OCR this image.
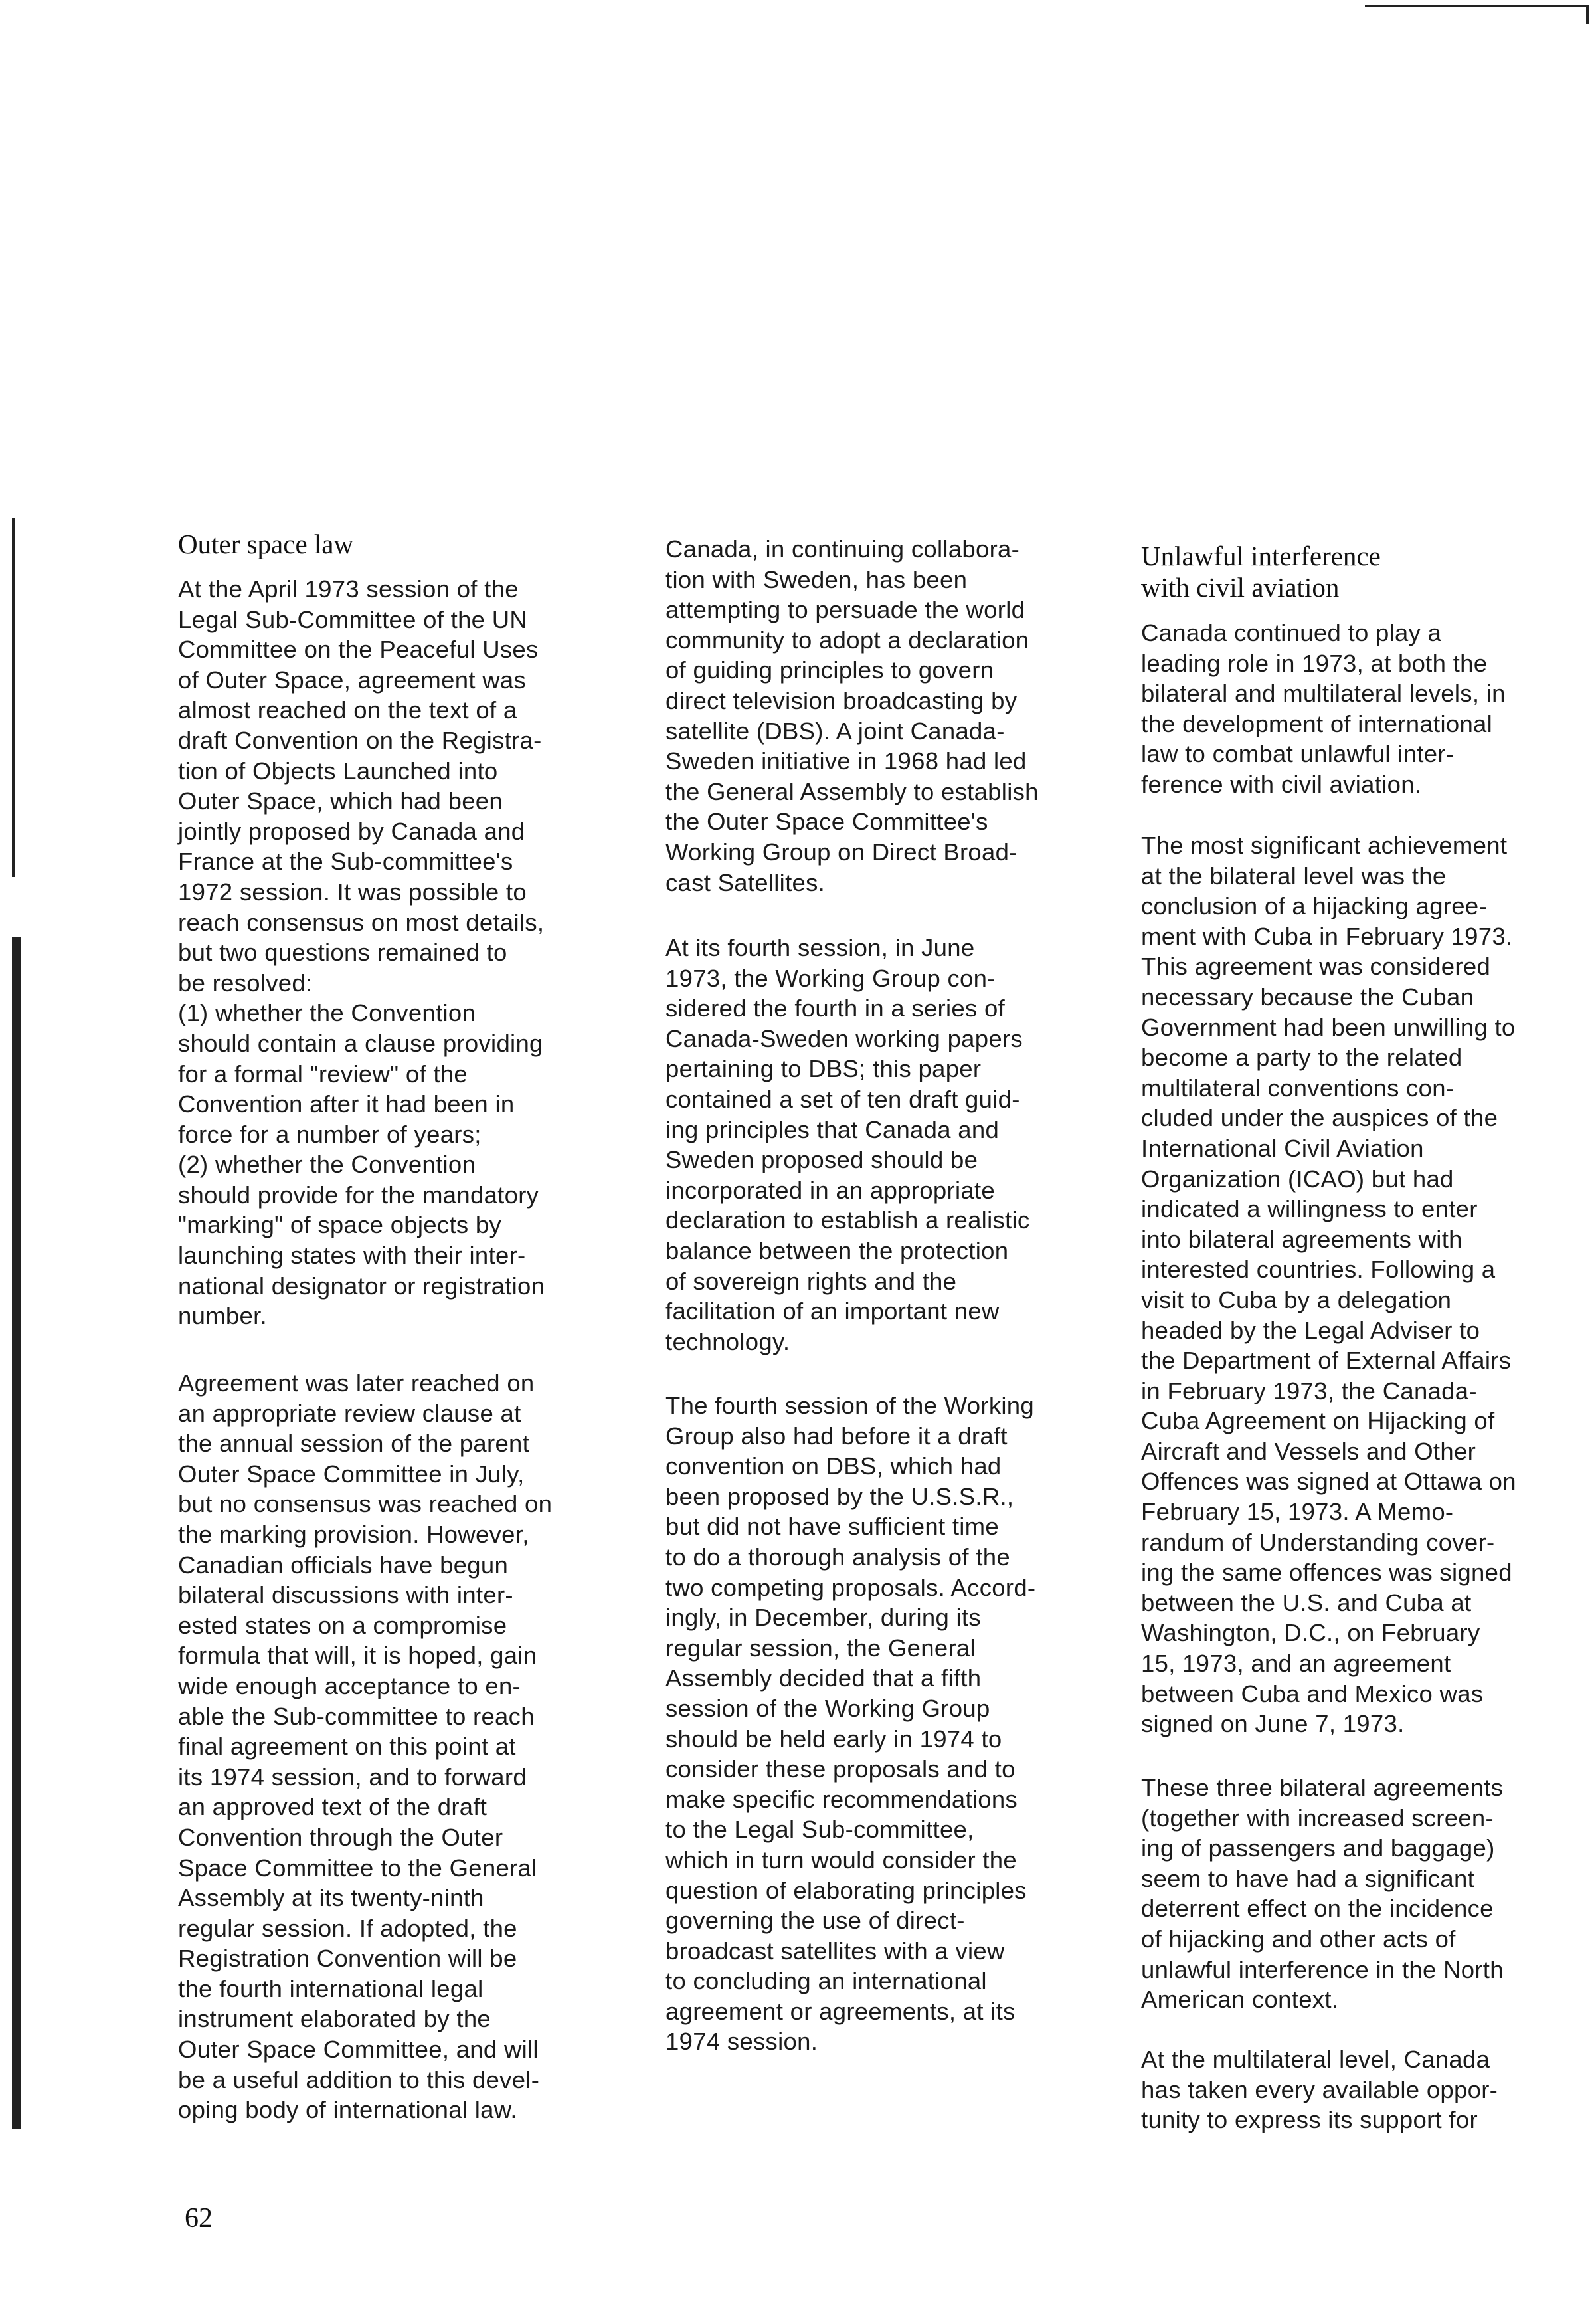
Outer space law

At the April 1973 session of the
Legal Sub-Committee of the UN
Committee on the Peaceful Uses
of Outer Space, agreement was
almost reached on the text of a
draft Convention on the Registra-
tion of Objects Launched into
Outer Space, which had been
jointly proposed by Canada and
France at the Sub-committee's
1972 session. It was possible to
reach consensus on most details,
but two questions remained to
be resolved:
(1) whether the Convention
should contain a clause providing
for a formal "review" of the
Convention after it had been in
force for a number of years;
(2) whether the Convention
should provide for the mandatory
"marking" of space objects by
launching states with their inter-
national designator or registration
number.

Agreement was later reached on
an appropriate review clause at
the annual session of the parent
Outer Space Committee in July,
but no consensus was reached on
the marking provision. However,
Canadian officials have begun
bilateral discussions with inter-
ested states on a compromise
formula that will, it is hoped, gain
wide enough acceptance to en-
able the Sub-committee to reach
final agreement on this point at
its 1974 session, and to forward
an approved text of the draft
Convention through the Outer
Space Committee to the General
Assembly at its twenty-ninth
regular session. If adopted, the
Registration Convention will be
the fourth international legal
instrument elaborated by the
Outer Space Committee, and will
be a useful addition to this devel-
oping body of international law.

Canada, in continuing collabora-
tion with Sweden, has been
attempting to persuade the world
community to adopt a declaration
of guiding principles to govern
direct television broadcasting by
satellite (DBS). A joint Canada-
Sweden initiative in 1968 had led
the General Assembly to establish
the Outer Space Committee's
Working Group on Direct Broad-
cast Satellites.

At its fourth session, in June
1973, the Working Group con-
sidered the fourth in a series of
Canada-Sweden working papers
pertaining to DBS; this paper
contained a set of ten draft guid-
ing principles that Canada and
Sweden proposed should be
incorporated in an appropriate
declaration to establish a realistic
balance between the protection
of sovereign rights and the
facilitation of an important new
technology.

The fourth session of the Working
Group also had before it a draft
convention on DBS, which had
been proposed by the U.S.S.R.,
but did not have sufficient time
to do a thorough analysis of the
two competing proposals. Accord-
ingly, in December, during its
regular session, the General
Assembly decided that a fifth
session of the Working Group
should be held early in 1974 to
consider these proposals and to
make specific recommendations
to the Legal Sub-committee,
which in turn would consider the
question of elaborating principles
governing the use of direct-
broadcast satellites with a view
to concluding an international
agreement or agreements, at its
1974 session.

Unlawful interference
with civil aviation

Canada continued to play a
leading role in 1973, at both the
bilateral and multilateral levels, in
the development of international
law to combat unlawful inter-
ference with civil aviation.

The most significant achievement
at the bilateral level was the
conclusion of a hijacking agree-
ment with Cuba in February 1973.
This agreement was considered
necessary because the Cuban
Government had been unwilling to
become a party to the related
multilateral conventions con-
cluded under the auspices of the
International Civil Aviation
Organization (ICAO) but had
indicated a willingness to enter
into bilateral agreements with
interested countries. Following a
visit to Cuba by a delegation
headed by the Legal Adviser to
the Department of External Affairs
in February 1973, the Canada-
Cuba Agreement on Hijacking of
Aircraft and Vessels and Other
Offences was signed at Ottawa on
February 15, 1973. A Memo-
randum of Understanding cover-
ing the same offences was signed
between the U.S. and Cuba at
Washington, D.C., on February
15, 1973, and an agreement
between Cuba and Mexico was
signed on June 7, 1973.

These three bilateral agreements
(together with increased screen-
ing of passengers and baggage)
seem to have had a significant
deterrent effect on the incidence
of hijacking and other acts of
unlawful interference in the North
American context.

At the multilateral level, Canada
has taken every available oppor-
tunity to express its support for

62
